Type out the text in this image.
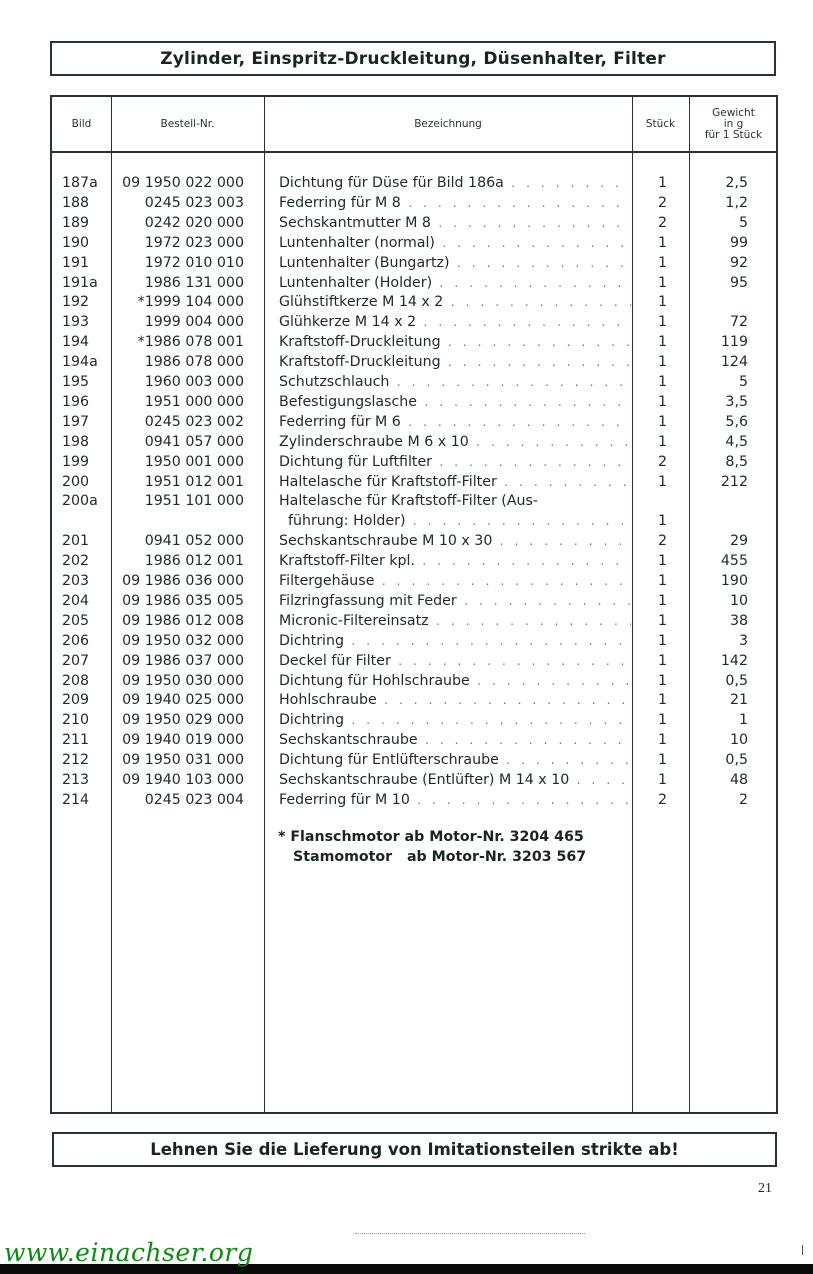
Zylinder, Einspritz-Druckleitung, Düsenhalter, Filter
Bild	Bestell-Nr.	Bezeichnung	Stück
Gewicht
in g
für 1 Stück
187a 09 1950 022 000 Dichtung für Düse für Bild 186a . . .	1	2,5
188	0245 023 003 Federring für M 8 . . .	2	1,2
189	0242 020 000 Sechskantmutter M 8 . . .	2	5
190	1972 023 000 Luntenhalter (normal) . . .	1	99
191	1972 010 010 Luntenhalter (Bungartz) . . .	1	92
191a	1986 131 000 Luntenhalter (Holder) . . .	1	95
192	*1999 104 000 Glühstiftkerze M 14 x 2 . . .	1
193	1999 004 000 Glühkerze M 14 x 2 . . .	1	72
194	*1986 078 001 Kraftstoff-Druckleitung . . .	1	119
194a	1986 078 000 Kraftstoff-Druckleitung . . .	1	124
195	1960 003 000 Schutzschlauch . . .	1	5
196	1951 000 000 Befestigungslasche . . .	1	3,5
197	0245 023 002 Federring für M 6 . . .	1	5,6
198	0941 057 000 Zylinderschraube M 6 x 10 . . .	1	4,5
199	1950 001 000 Dichtung für Luftfilter . . .	2	8,5
200	1951 012 001 Haltelasche für Kraftstoff-Filter . . .	1	212
200a	1951 101 000 Haltelasche für Kraftstoff-Filter (Aus-
führung: Holder) . . .	1
201	0941 052 000 Sechskantschraube M 10 x 30 . . .	2	29
202	1986 012 001 Kraftstoff-Filter kpl. . . .	1	455
203 09 1986 036 000 Filtergehäuse . . .	1	190
204 09 1986 035 005 Filzringfassung mit Feder . . .	1	10
205 09 1986 012 008 Micronic-Filtereinsatz . . .	1	38
206 09 1950 032 000 Dichtring . . .	1	3
207 09 1986 037 000 Deckel für Filter . . .	1	142
208 09 1950 030 000 Dichtung für Hohlschraube . . .	1	0,5
209 09 1940 025 000 Hohlschraube . . .	1	21
210 09 1950 029 000 Dichtring . . .	1	1
211 09 1940 019 000 Sechskantschraube . . .	1	10
212 09 1950 031 000 Dichtung für Entlüfterschraube . . .	1	0,5
213 09 1940 103 000 Sechskantschraube (Entlüfter) M 14 x 10 . . .	1	48
214	0245 023 004 Federring für M 10 . . .	2	2
* Flanschmotor ab Motor-Nr. 3204 465
Stamomotor   ab Motor-Nr. 3203 567
Lehnen Sie die Lieferung von Imitationsteilen strikte ab!
21
www.einachser.org
